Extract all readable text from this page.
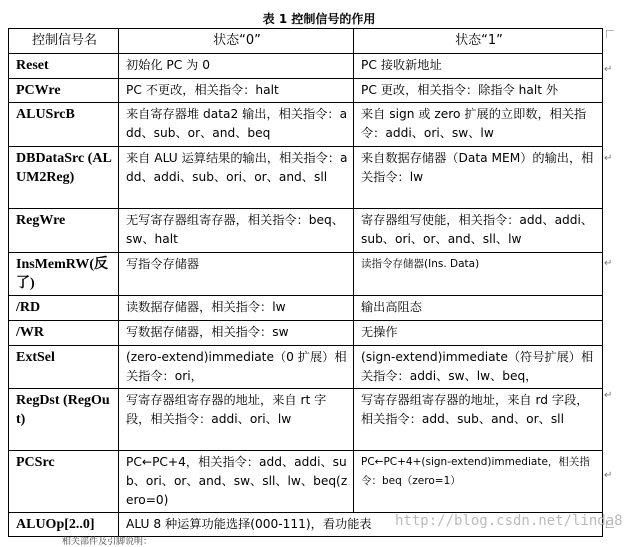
表 1 控制信号的作用
控制信号名	状态“0”	状态“1”
Reset	初始化 PC 为 0	PC 接收新地址
PCWre	PC 不更改，相关指令：halt	PC 更改，相关指令：除指令 halt 外
ALUSrcB	来自寄存器堆 data2 输出，相关指令：add、sub、or、and、beq	来自 sign 或 zero 扩展的立即数，相关指令：addi、ori、sw、lw
DBDataSrc (ALUM2Reg)	来自 ALU 运算结果的输出，相关指令：add、addi、sub、ori、or、and、sll	来自数据存储器（Data MEM）的输出，相关指令：lw
RegWre	无写寄存器组寄存器，相关指令：beq、sw、halt	寄存器组写使能，相关指令：add、addi、sub、ori、or、and、sll、lw
InsMemRW(反了)	写指令存储器	读指令存储器(Ins. Data)
/RD	读数据存储器，相关指令：lw	输出高阻态
/WR	写数据存储器，相关指令：sw	无操作
ExtSel	(zero-extend)immediate（0 扩展）相关指令：ori，	(sign-extend)immediate（符号扩展）相关指令：addi、sw、lw、beq，
RegDst (RegOut)	写寄存器组寄存器的地址，来自 rt 字段，相关指令：addi、ori、lw	写寄存器组寄存器的地址，来自 rd 字段，相关指令：add、sub、and、or、sll
PCSrc	PC←PC+4，相关指令：add、addi、sub、ori、or、and、sw、sll、lw、beq(zero=0)	PC←PC+4+(sign-extend)immediate，相关指令：beq（zero=1）
ALUOp[2..0]	ALU 8 种运算功能选择(000-111)，看功能表	
↵
↵
↵
↵
↵
http://blog.csdn.net/linda8
相关部件及引脚说明：
